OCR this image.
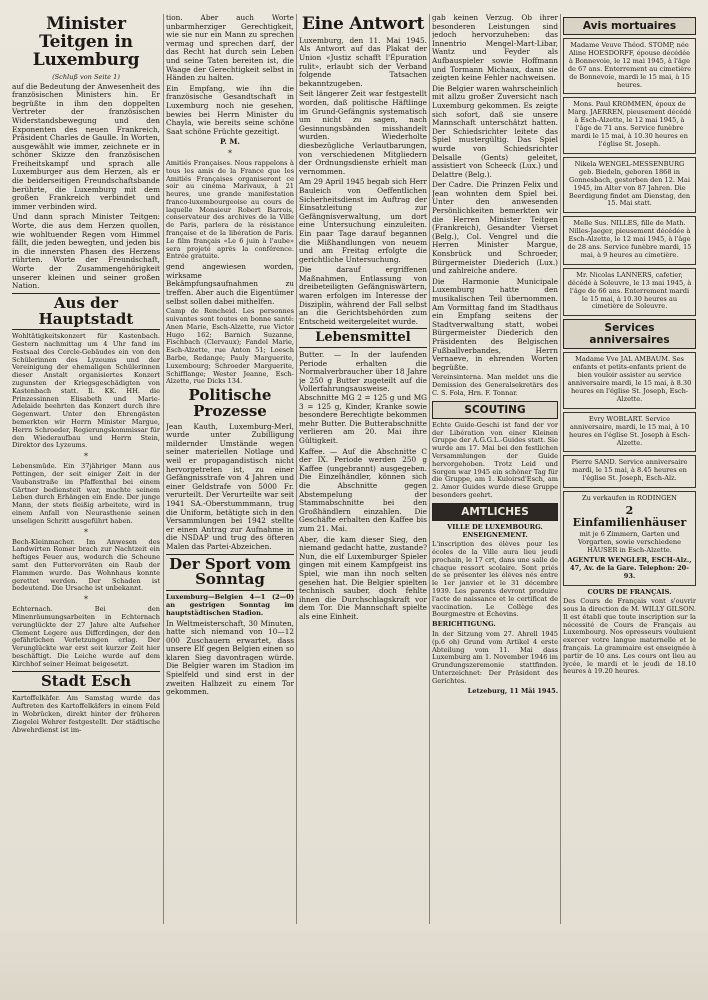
Minister Teitgen in Luxemburg
(Schluß von Seite 1)

auf die Bedeutung der Anwesenheit des französischen Ministers hin. Er begrüßte in ihm den doppelten Vertreter der französischen Widerstandsbewegung und den Exponenten des neuen Frankreich, Präsident Charles de Gaulle. In Worten, ausgewählt wie immer, zeichnete er in schöner Skizze den französischen Freiheitskampf und sprach alle Luxemburger aus dem Herzen, als er die beiderseitigen Freundschaftsbande berührte, die Luxemburg mit dem großen Frankreich verbindet und immer verbinden wird.

Und dann sprach Minister Teitgen: Worte, die aus dem Herzen quollen, wie wohltuender Regen vom Himmel fällt, die jeden bewegten, und jeden bis in die innersten Phasen des Herzens rührten. Worte der Freundschaft, Worte der Zusammengehörigkeit unserer kleinen und seiner großen Nation.

Aus der Hauptstadt

Wohltätigkeitskonzert für Kastenbach. Gestern nachmittag um 4 Uhr fand im Festsaal des Cercle-Gebäudes ein von den Schülerinnen des Lyzeums und der Vereinigung der ehemaligen Schülerinnen dieser Anstalt organisiertes Konzert zugunsten der Kriegsgeschädigten von Kastenbach statt. Il. KK. HH. die Prinzessinnen Elisabeth und Marie-Adelaide beehrten das Konzert durch ihre Gegenwart. Unter den Ehrengästen bemerkten wir Herrn Minister Margue, Herrn Schroeder, Regierungskommissar für den Wiederaufbau und Herrn Stein, Direktor des Lyzeums.

*

Lebensmüde. Ein 37jähriger Mann aus Pettingen, der seit einiger Zeit in der Vaubanstraße im Pfaffenthal bei einem Gärtner bediensteit war, machte seinem Leben durch Erhängen ein Ende. Der junge Mann, der stets fleißig arbeitete, wird in einem Anfall von Neurasthenie seinen unseligen Schritt ausgeführt haben.

*

Bech-Kleinmacher. Im Anwesen des Landwirten Romer brach zur Nachtzeit ein heftiges Feuer aus, wodurch die Scheune samt den Futtervorräten ein Raub der Flammen wurde. Das Wohnhaus konnte gerettet werden. Der Schaden ist bedeutend. Die Ursache ist unbekannt.

*

Echternach. Bei den Minenräumungsarbeiten in Echternach verunglückte der 27 Jahre alte Aufseher Clement Legere aus Diffcrdingen, der den gefährlichen Verletzungen erlag. Der Verunglückte war erst seit kurzer Zeit hier beschäftigt. Die Leiche wurde auf dem Kirchhof seiner Heimat beigesetzt.

Stadt Esch

Kartoffelkäfer. Am Samstag wurde das Auftreten des Kartoffelkäfers in einem Feld in Wobrücken, direkt hinter der früheren Ziegelei Wehrer festgestellt. Der städtische Abwehrdienst ist im-

tion. Aber auch Worte unbarmherziger Gerechtigkeit, wie sie nur ein Mann zu sprechen vermag und sprechen darf, der das Recht hat durch sein Leben und seine Taten bereiten ist, die Waage der Gerechtigkeit selbst in Händen zu halten.

Ein Empfang, wie ihn die französische Gesandtschaft in Luxemburg noch nie gesehen, bewies bei Herrn Minister du Chayla, wie bereits seine schöne Saat schöne Früchte gezeitigt.

P. M.

*

Amitiés Françaises. Nous rappelons à tous les amis de la France que les Amitiés Françaises organiseront ce soir au cinéma Marivaux, à 21 heures, une grande manifestation franco-luxembourgeoise au cours de laquelle Monsieur Robert Barrois, conservateur des archives de la Ville de Paris, parlera de la résistance française et de la libération de Paris. Le film français «Le 6 juin à l'aube» sera projeté après la conférence. Entrée gratuite.

gend angewiesen worden, wirksame Bekämpfungsaufnahmen zu treffen. Aber auch die Eigentümer selbst sollen dabei mithelfen.

Camp de Rencheid. Les personnes suivantes sont toutes en bonne santé: Anen Marie, Esch-Alzette, rue Victor Hugo 162; Barnich Suzanne, Fischbach (Clervaux); Fandel Marie, Esch-Alzette, rue Anton 51; Loesch Barbe, Redange; Pauly Marguerite, Luxembourg; Schroeder Marguerite, Schifflange; Wester Jeanne, Esch-Alzette, rue Dicks 134.

Politische Prozesse

Jean Kauth, Luxemburg-Merl, wurde unter Zubilligung mildernder Umstände wegen seiner materiellen Notlage und weil er propagandistisch nicht hervorgetreten ist, zu einer Gefängnisstrafe von 4 Jahren und einer Geldstrafe von 5000 Fr. verurteilt. Der Verurteilte war seit 1941 SA.-Oberstummmann, trug die Uniform, betätigte sich in den Versammlungen bei 1942 stellte er einen Antrag zur Aufnahme in die NSDAP und trug des öfteren Malen das Partei-Abzeichen.

Der Sport vom Sonntag

Luxemburg—Belgien 4—1 (2—0) an gestrigen Sonntag im hauptstädtischen Stadion.

In Weltmeisterschaft, 30 Minuten, hatte sich niemand von 10—12 000 Zuschauern erwartet, dass unsere Elf gegen Belgien einen so klaren Sieg davontragen würde. Die Belgier waren im Stadion im Spielfeld und sind erst in der zweiten Halbzeit zu einem Tor gekommen.

Eine Antwort

Luxemburg, den 11. Mai 1945. Als Antwort auf das Plakat der Union «Justiz schafft l'Épuration rulit», erlaubt sich der Verband folgende Tatsachen bekanntzugeben.

Seit längerer Zeit war festgestellt worden, daß politische Häftlinge im Grund-Gefängnis systematisch um nicht zu sagen, nach Gesinnungsbänden misshandelt wurden. Wiederholte diesbezügliche Verlautbarungen, von verschiedenen Mitgliedern der Ordnungsdienste erhielt man vernommen.

Am 29 April 1945 begab sich Herr Bauleich von Oeffentlichen Sicherheitsdienst im Auftrag der Einsatzleitung zur Gefängnisverwaltung, um dort eine Untersuchung einzuleiten. Ein paar Tage darauf begannen die Mißhandlungen von neuem und am Freitag erfolgte die gerichtliche Untersuchung.

Die darauf ergriffenen Maßnahmen, Entlassung von dreibeteiligten Gefängniswärtern, waren erfolgen im Interesse der Disziplin, während der Fall selbst an die Gerichtsbehörden zum Entscheid weitergeleitet wurde.

Lebensmittel

Butter. — In der laufenden Periode erhalten die Normalverbraucher über 18 Jahre je 250 g Butter zugeteilt auf die Vollerfahrungsausweise. Abschnitte MG 2 = 125 g und MG 3 = 125 g, Kinder, Kranke sowie besondere Berechtigte bekommen mehr Butter. Die Butterabschnitte verlieren am 20. Mai ihre Gültigkeit.

Kaffee. — Auf die Abschnitte C der IX. Periode werden 250 g Kaffee (ungebrannt) ausgegeben. Die Einzelhändler, können sich die Abschnitte gegen Abstempelung der Stammabschnitte bei den Großhändlern einzahlen. Die Geschäfte erhalten den Kaffee bis zum 21. Mai.

Aber, die kam dieser Sieg, den niemand gedacht hatte, zustande? Nun, die elf Luxemburger Spieler gingen mit einem Kampfgeist ins Spiel, wie man ihn noch selten gesehen hat. Die Belgier spielten technisch sauber, doch fehlte ihnen die Durchschlagskraft vor dem Tor. Die Mannschaft spielte als eine Einheit.

gab keinen Verzug. Ob ihrer besonderen Leistungen sind jedoch hervorzuheben: das Innentrio Mengel-Mart-Libar, Wantz und Feyder als Aufbauspieler sowie Hoffmann und Tormann Michaux, dann sie zeigten keine Fehler nachweisen.

Die Belgier waren wahrscheinlich mit allzu großer Zuversicht nach Luxemburg gekommen. Es zeigte sich sofort, daß sie unsere Mannschaft unterschätzt hatten. Der Schiedsrichter leitete das Spiel mustergültig. Das Spiel wurde von Schiedsrichter Delsalle (Gents) geleitet, assistiert von Scheeck (Lux.) und Delattre (Belg.).

Der Cadre. Die Prinzen Felix und Jean wohnten dem Spiel bei. Unter den anwesenden Persönlichkeiten bemerkten wir die Herren Minister Teitgen (Frankreich), Gesandter Vierset (Belg.), Col. Vengrel und die Herren Minister Margue, Konsbrück und Schroeder, Bürgermeister Diederich (Lux.) und zahlreiche andere.

Die Harmonie Municipale Luxemburg hatte den musikalischen Teil übernommen. Am Vormittag fand im Stadthaus ein Empfang seitens der Stadtverwaltung statt, wobei Bürgermeister Diederich den Präsidenten des Belgischen Fußballverbandes, Herrn Vernaeve, in ehrenden Worten begrüßte.

Vereinsinterna. Man meldet uns die Demission des Generalsekretärs des C. S. Fola, Hrn. F. Tonnar.

SCOUTING

Echte Guide-Geschi ist fand der vor der Libération von einer Kleinen Gruppe der A.G.G.L.-Guides statt. Sie wurde am 17. Mai bei den festlichen Versammlungen der Guide hervorgehoben. Trotz Leid und Sorgen war 1945 ein schöner Tag für die Gruppe, am 1. Kuloirsd'Esch, am 2. Amor Guides wurde diese Gruppe besonders geehrt.

AMTLICHES

VILLE DE LUXEMBOURG. ENSEIGNEMENT.

L'inscription des élèves pour les écoles de la Ville aura lieu jeudi prochain, le 17 crt, dans une salle de chaque ressort scolaire. Sont priés de se présenter les élèves nés entre le 1er janvier et le 31 décembre 1939. Les parents devront produire l'acte de naissance et le certificat de vaccination. Le Collège des Bourgmestre et Échevins.

BERICHTIGUNG.

In der Sitzung vom 27. Ahrell 1945 (p.6 oh) Grund vom Artikel 4 erste Abteilung vom 11. Mai dass Luxemburg am 1. November 1946 im Grundungszeremonie stattfinden. Unterzeichnet: Der Präsident des Gerichtes.

Letzeburg, 11 Mäi 1945.

Avis mortuaires

Madame Veuve Théod. STOMP, née Aline HOESDORFF, épouse décédée à Bonnevoie, le 12 mai 1945, à l'âge de 67 ans. Enterrement au cimetière de Bonnevoie, mardi le 15 mai, à 15 heures.

Mons. Paul KROMMEN, époux de Marg. JAERREN, pieusement décédé à Esch-Alzette, le 12 mai 1945, à l'âge de 71 ans. Service funèbre mardi le 15 mai, à 10.30 heures en l'église St. Joseph.

Nikela WENGEL-MESSENBURG geb. Biedeln, geboren 1868 in Gonnesbach, gestorben den 12. Mai 1945, im Alter von 87 Jahren. Die Beerdigung findet am Dienstag, den 15. Mai statt.

Melle Sus. NILLES, fille de Math. Nilles-Jaeger, pieusement décédée à Esch-Alzette, le 12 mai 1945, à l'âge de 28 ans. Service funèbre mardi, 15 mai, à 9 heures au cimetière.

Mr. Nicolas LANNERS, cafetier, décédé à Soleuvre, le 13 mai 1945, à l'âge de 66 ans. Enterrement mardi le 15 mai, à 10.30 heures au cimetière de Soleuvre.

Services anniversaires

Madame Vve JAL AMBAUM. Ses enfants et petits-enfants prient de bien vouloir assister au service anniversaire mardi, le 15 mai, à 8.30 heures en l'église St. Joseph, Esch-Alzette.

Evry WOBLART. Service anniversaire, mardi, le 15 mai, à 10 heures en l'église St. Joseph à Esch-Alzette.

Pierre SAND. Service anniversaire mardi, le 15 mai, à 8.45 heures en l'église St. Joseph, Esch-Alz.

Zu verkaufen in RODINGEN

2 Einfamilienhäuser

mit je 6 Zimmern, Garten und Vorgarten, sowie verschiedene HÄUSER in Esch-Alzette.

AGENTUR WENGLER, ESCH-Alz., 47, Av. de la Gare. Telephon: 20-93.

COURS DE FRANÇAIS.

Des Cours de Français vont s'ouvrir sous la direction de M. WILLY GILSON. Il est établi que toute inscription sur la nécessité de Cours de Français au Luxembourg. Nos opresseurs vouluient exercer votre langue maternelle et le français. La grammaire est enseignée à partir de 10 ans. Les cours ont lieu au lycée, le mardi et le jeudi de 18.10 heures à 19.20 heures.
